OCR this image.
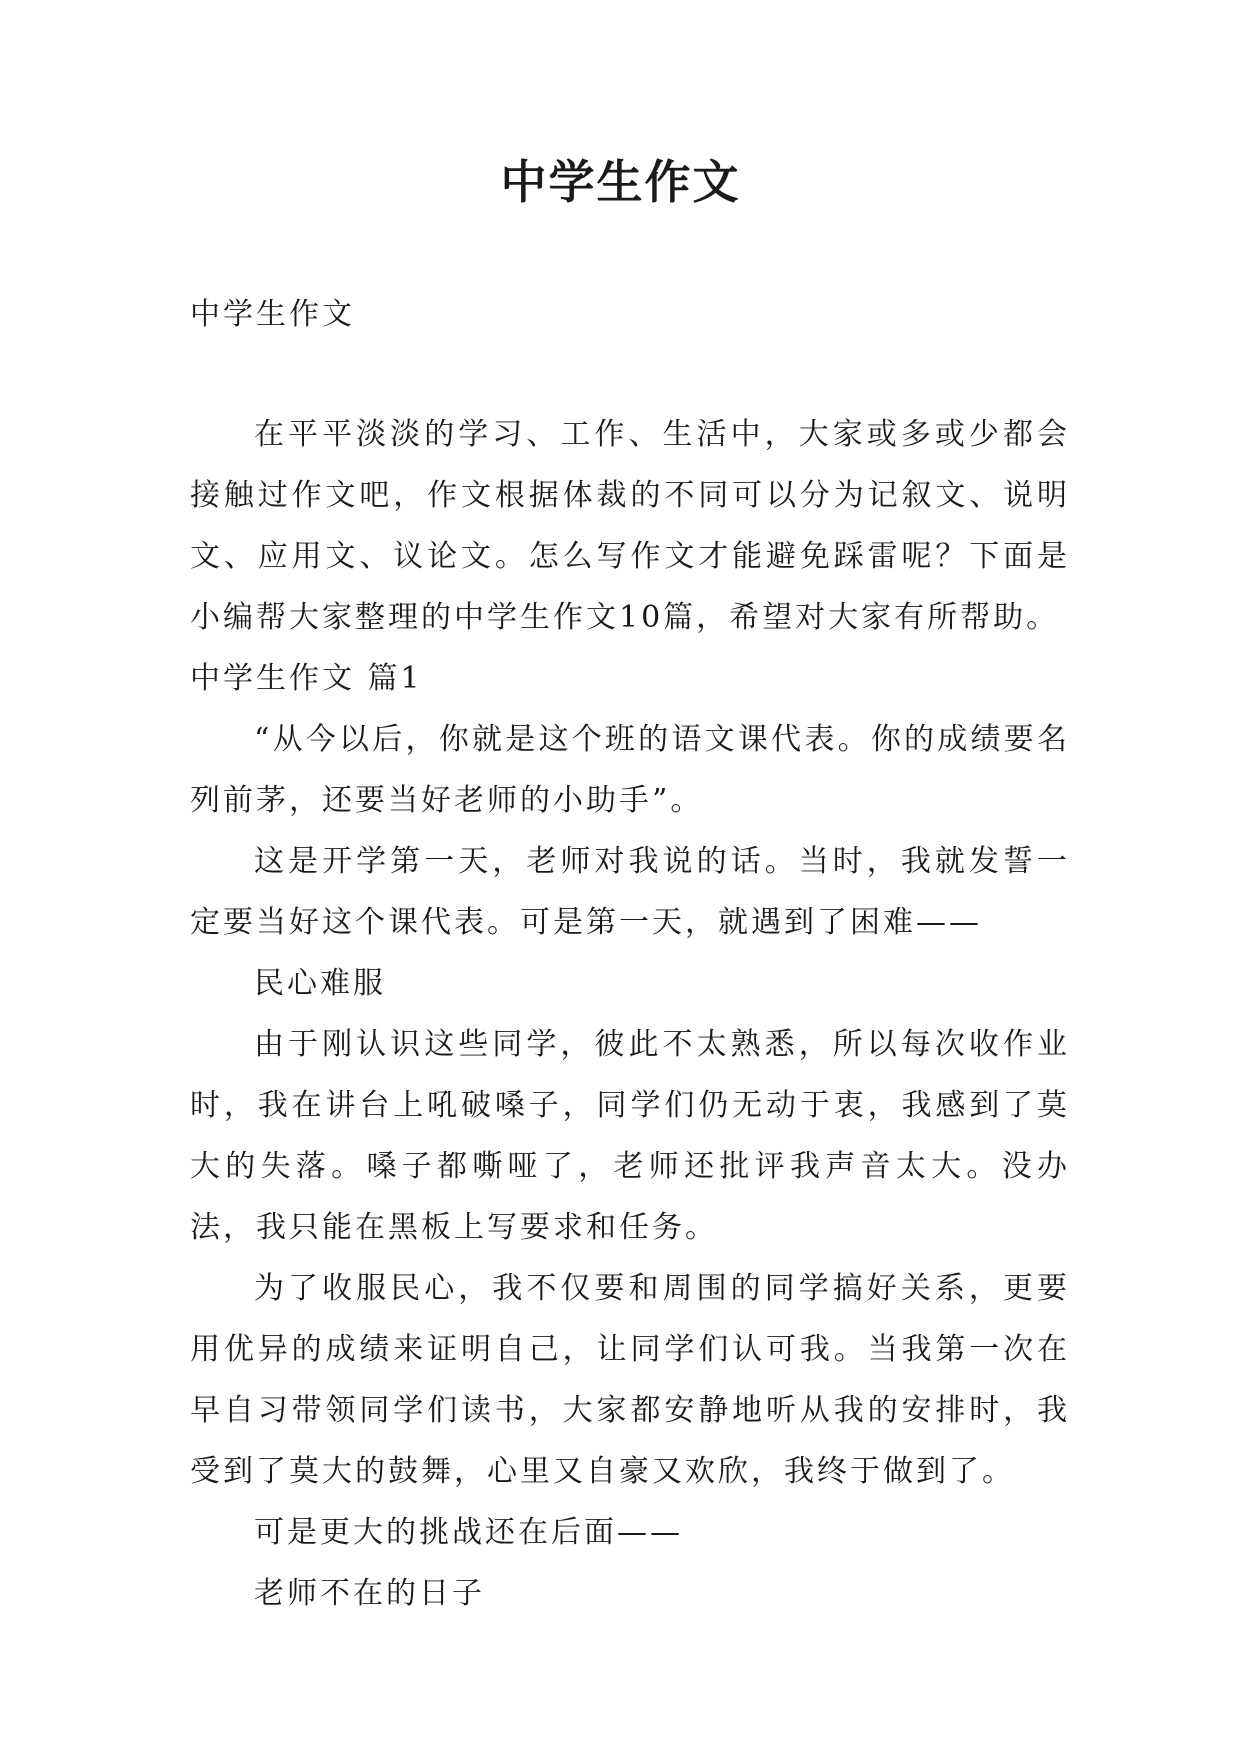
中学生作文

中学生作文

在平平淡淡的学习、工作、生活中，大家或多或少都会接触过作文吧，作文根据体裁的不同可以分为记叙文、说明文、应用文、议论文。怎么写作文才能避免踩雷呢？下面是小编帮大家整理的中学生作文10篇，希望对大家有所帮助。

中学生作文 篇1

“从今以后，你就是这个班的语文课代表。你的成绩要名列前茅，还要当好老师的小助手”。

这是开学第一天，老师对我说的话。当时，我就发誓一定要当好这个课代表。可是第一天，就遇到了困难——

民心难服

由于刚认识这些同学，彼此不太熟悉，所以每次收作业时，我在讲台上吼破嗓子，同学们仍无动于衷，我感到了莫大的失落。嗓子都嘶哑了，老师还批评我声音太大。没办法，我只能在黑板上写要求和任务。

为了收服民心，我不仅要和周围的同学搞好关系，更要用优异的成绩来证明自己，让同学们认可我。当我第一次在早自习带领同学们读书，大家都安静地听从我的安排时，我受到了莫大的鼓舞，心里又自豪又欢欣，我终于做到了。

可是更大的挑战还在后面——

老师不在的日子
